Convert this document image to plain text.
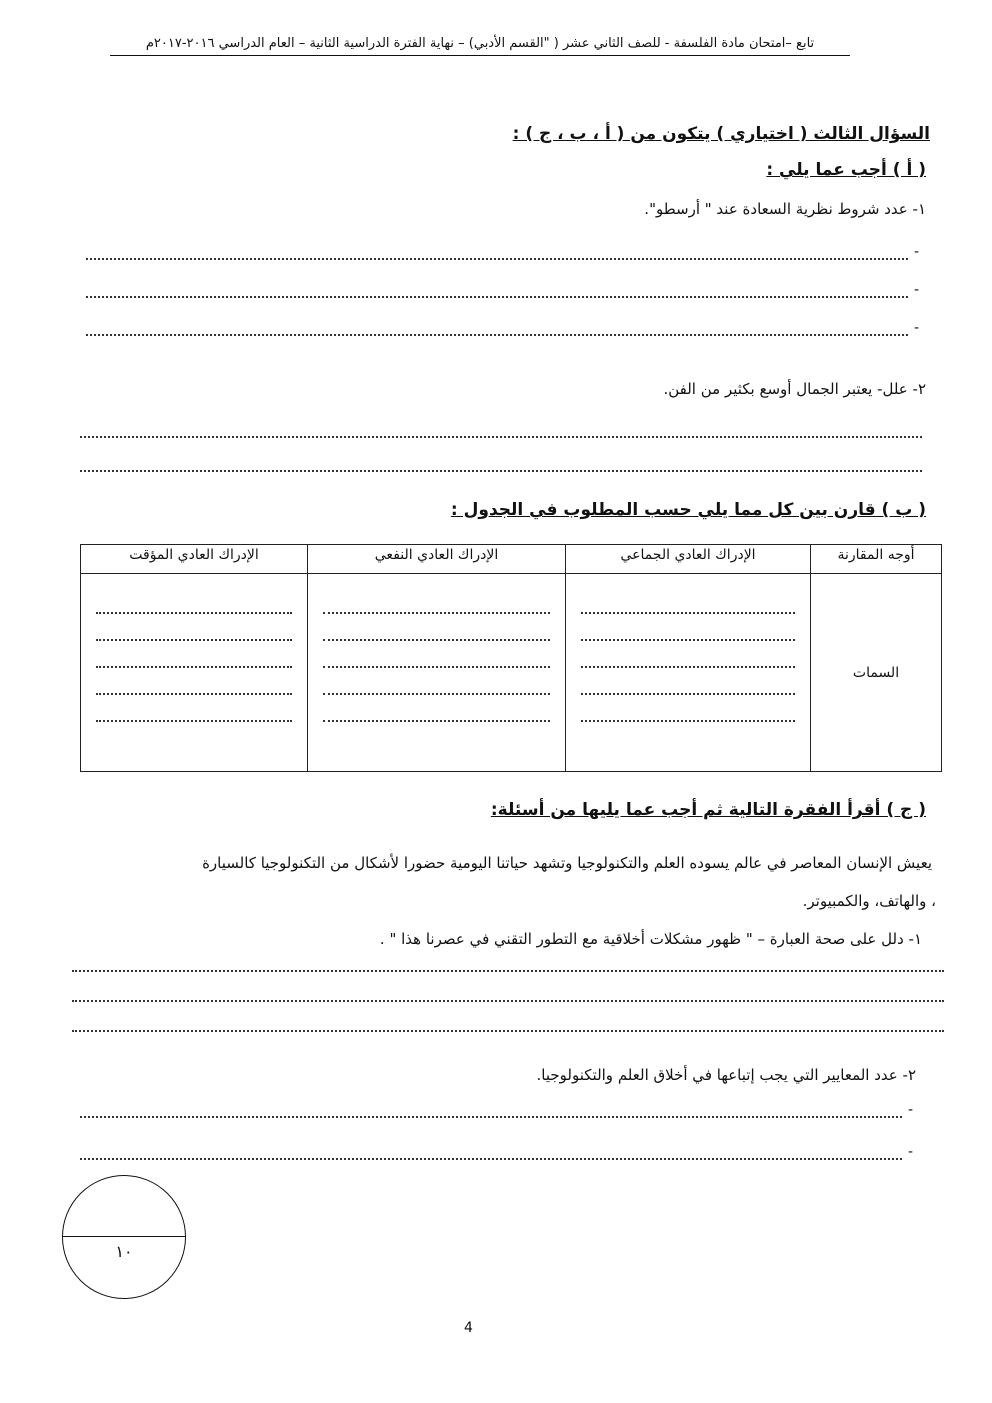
تابع –امتحان مادة الفلسفة - للصف الثاني عشر ( "القسم الأدبي) – نهاية الفترة الدراسية الثانية – العام الدراسي ٢٠١٦-٢٠١٧م
السؤال الثالث ( اختياري ) يتكون من ( أ ، ب ، ج ) :
( أ ) أجب عما يلي :
١- عدد شروط نظرية السعادة عند " أرسطو".
-
-
-
٢- علل- يعتبر الجمال أوسع بكثير من الفن.
( ب ) قارن بين كل مما يلي حسب المطلوب في الجدول :
أوجه المقارنة	الإدراك العادي الجماعي	الإدراك العادي النفعي	الإدراك العادي المؤقت
السمات	

( ج ) أقرأ الفقرة التالية ثم أجب عما يليها من أسئلة:
يعيش الإنسان المعاصر في عالم يسوده العلم والتكنولوجيا وتشهد حياتنا اليومية حضورا لأشكال من التكنولوجيا كالسيارة
، والهاتف، والكمبيوتر.
١- دلل على صحة العبارة – " ظهور مشكلات أخلاقية مع التطور التقني في عصرنا هذا " .
٢- عدد المعايير التي يجب إتباعها في أخلاق العلم والتكنولوجيا.
-
-
١٠
4
